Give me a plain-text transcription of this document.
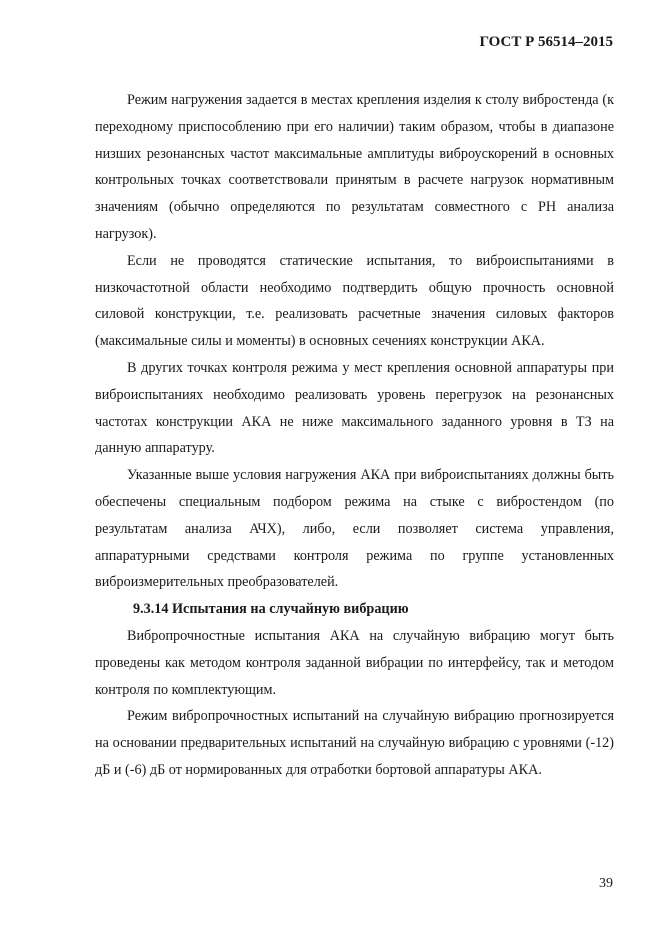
ГОСТ Р 56514–2015

Режим нагружения задается в местах крепления изделия к столу вибростенда (к переходному приспособлению при его наличии) таким образом, чтобы в диапазоне низших резонансных частот максимальные амплитуды виброускорений в основных контрольных точках соответствовали принятым в расчете нагрузок нормативным значениям (обычно определяются по результатам совместного с РН анализа нагрузок).

Если не проводятся статические испытания, то виброиспытаниями в низкочастотной области необходимо подтвердить общую прочность основной силовой конструкции, т.е. реализовать расчетные значения силовых факторов (максимальные силы и моменты) в основных сечениях конструкции АКА.

В других точках контроля режима у мест крепления основной аппаратуры при виброиспытаниях необходимо реализовать уровень перегрузок на резонансных частотах конструкции АКА не ниже максимального заданного уровня в ТЗ на данную аппаратуру.

Указанные выше условия нагружения АКА при виброиспытаниях должны быть обеспечены специальным подбором режима на стыке с вибростендом (по результатам анализа АЧХ), либо, если позволяет система управления, аппаратурными средствами контроля режима по группе установленных виброизмерительных преобразователей.

9.3.14 Испытания на случайную вибрацию

Вибропрочностные испытания АКА на случайную вибрацию могут быть проведены как методом контроля заданной вибрации по интерфейсу, так и методом контроля по комплектующим.

Режим вибропрочностных испытаний на случайную вибрацию прогнозируется на основании предварительных испытаний на случайную вибрацию с уровнями (-12) дБ и (-6) дБ от нормированных для отработки бортовой аппаратуры АКА.

39
